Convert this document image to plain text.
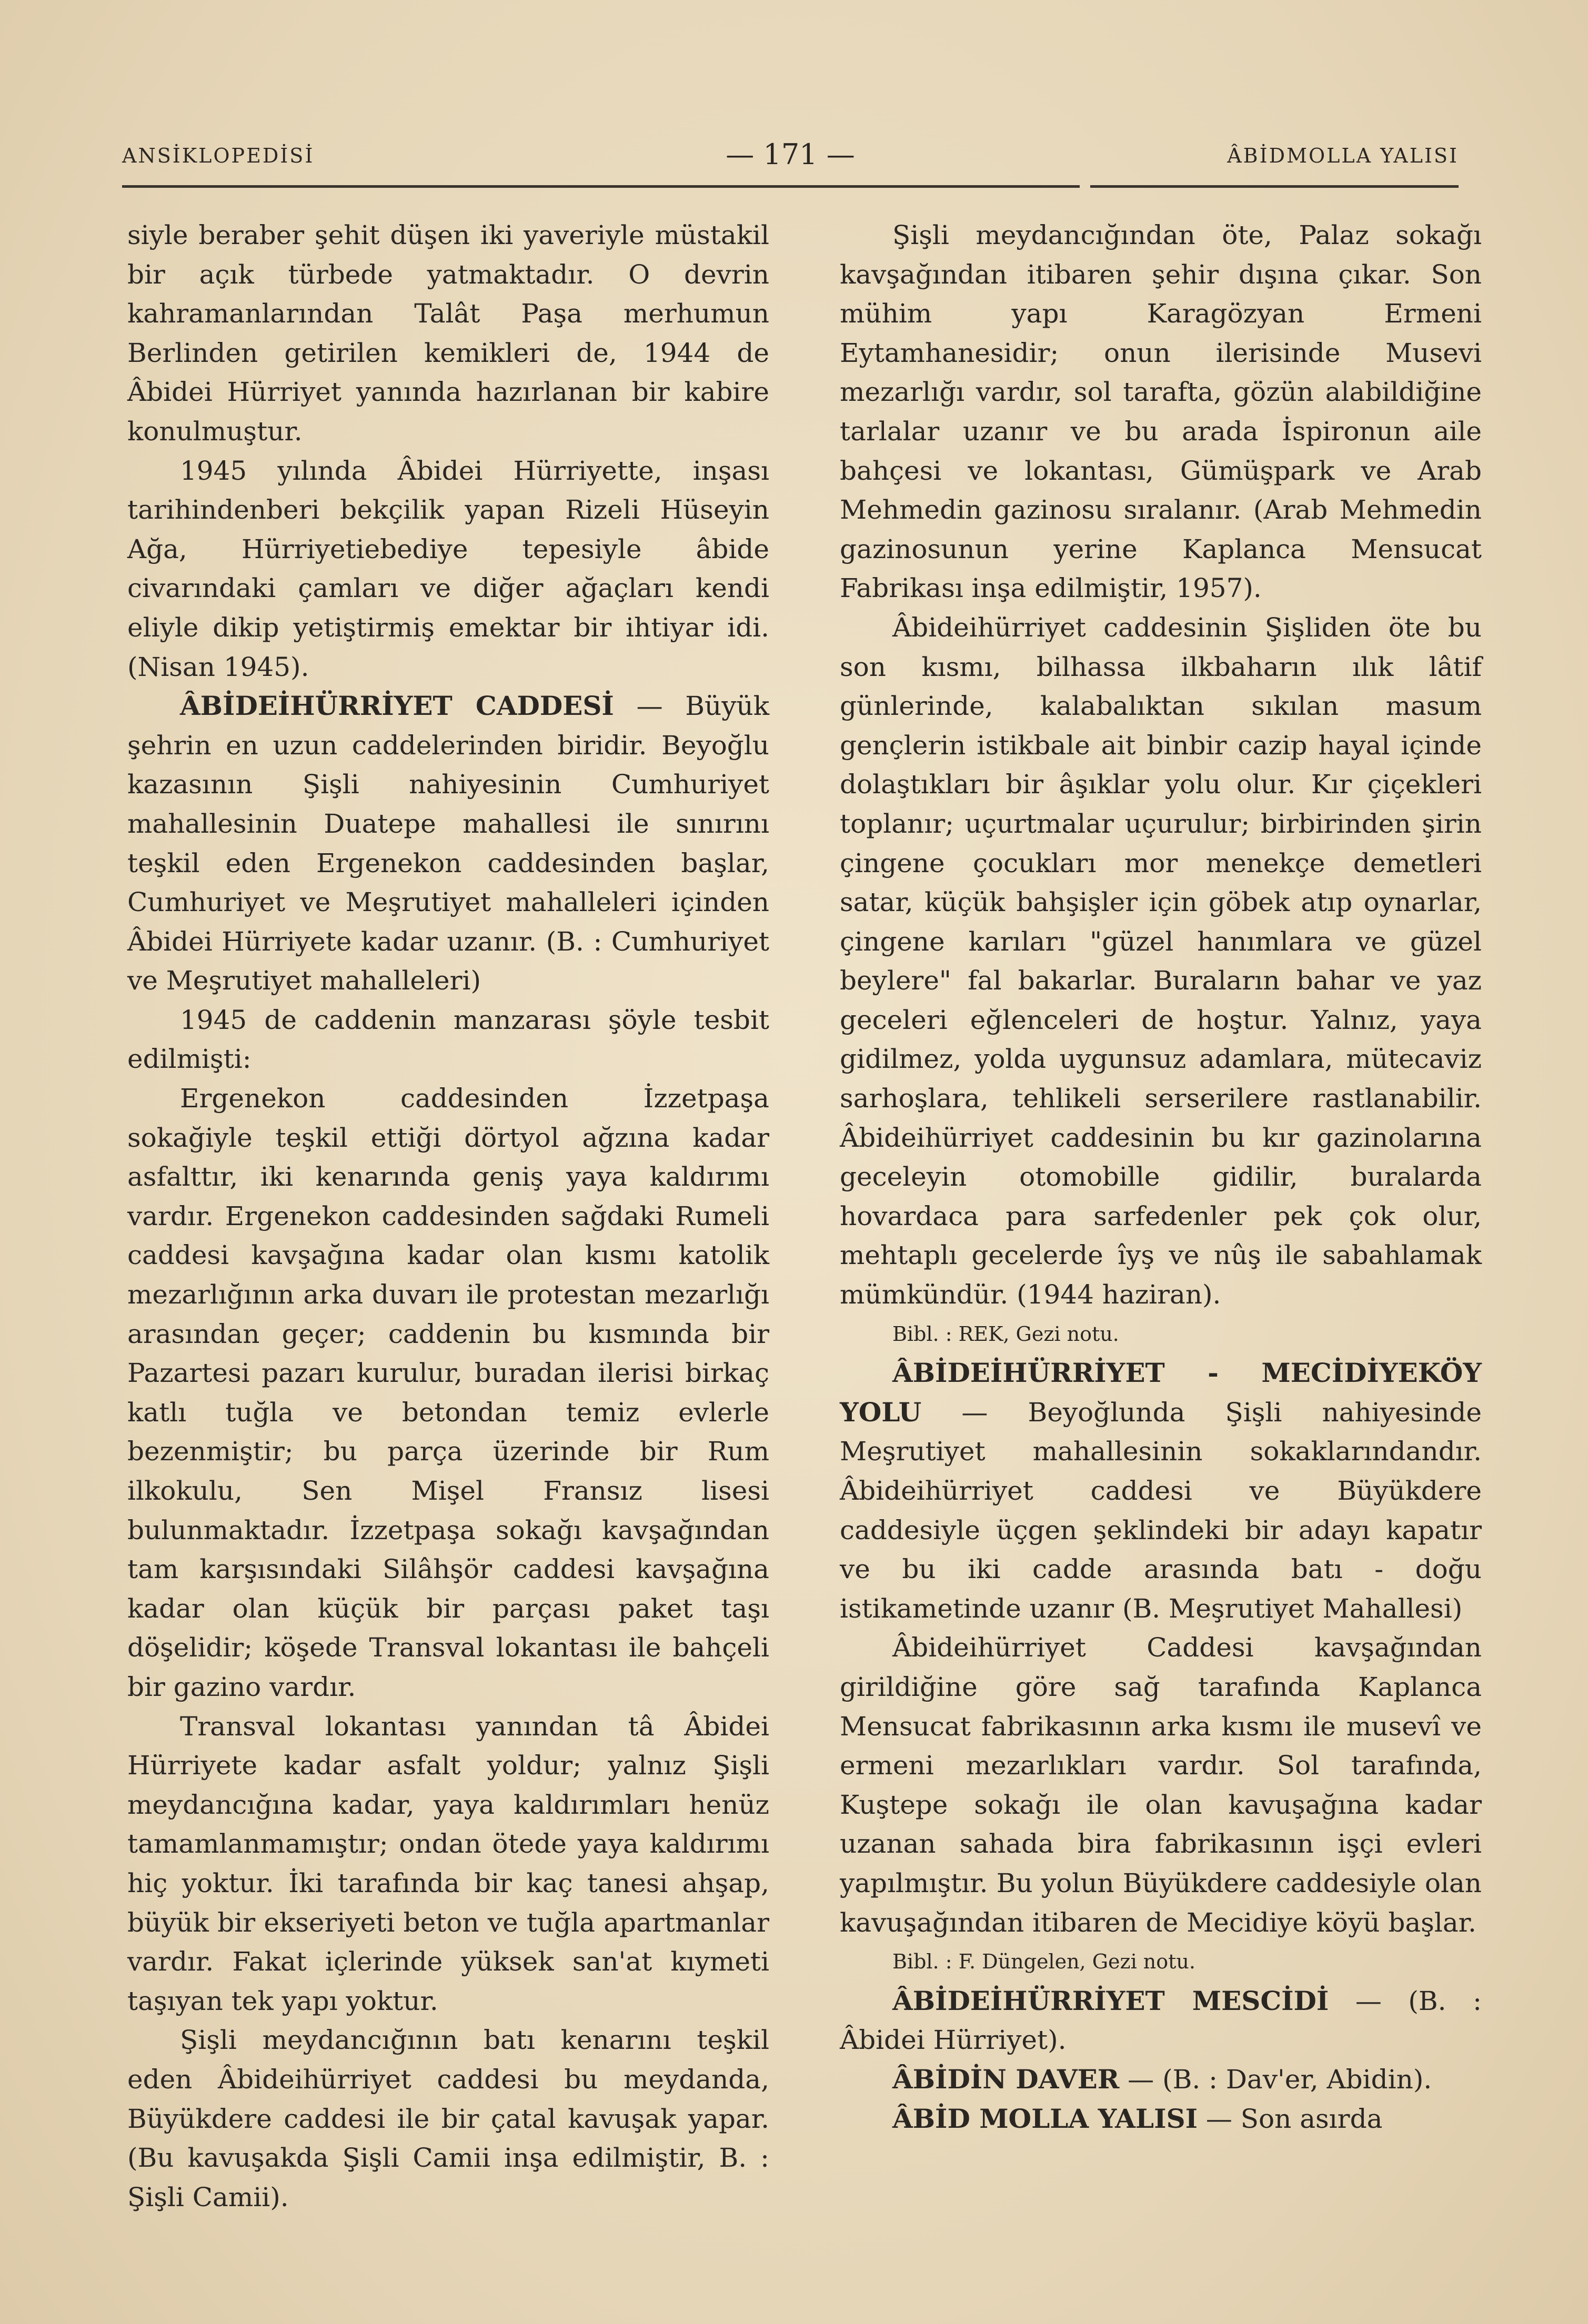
ANSİKLOPEDİSİ	— 171 —	ÂBİDMOLLA YALISI

siyle beraber şehit düşen iki yaveriyle müstakil bir açık türbede yatmaktadır. O devrin kahramanlarından Talât Paşa merhumun Berlinden getirilen kemikleri de, 1944 de Âbidei Hürriyet yanında hazırlanan bir kabire konulmuştur.

1945 yılında Âbidei Hürriyette, inşası tarihindenberi bekçilik yapan Rizeli Hüseyin Ağa, Hürriyetiebediye tepesiyle âbide civarındaki çamları ve diğer ağaçları kendi eliyle dikip yetiştirmiş emektar bir ihtiyar idi. (Nisan 1945).

ÂBİDEİHÜRRİYET CADDESİ — Büyük şehrin en uzun caddelerinden biridir. Beyoğlu kazasının Şişli nahiyesinin Cumhuriyet mahallesinin Duatepe mahallesi ile sınırını teşkil eden Ergenekon caddesinden başlar, Cumhuriyet ve Meşrutiyet mahalleleri içinden Âbidei Hürriyete kadar uzanır. (B. : Cumhuriyet ve Meşrutiyet mahalleleri)

1945 de caddenin manzarası şöyle tesbit edilmişti:

Ergenekon caddesinden İzzetpaşa sokağiyle teşkil ettiği dörtyol ağzına kadar asfalttır, iki kenarında geniş yaya kaldırımı vardır. Ergenekon caddesinden sağdaki Rumeli caddesi kavşağına kadar olan kısmı katolik mezarlığının arka duvarı ile protestan mezarlığı arasından geçer; caddenin bu kısmında bir Pazartesi pazarı kurulur, buradan ilerisi birkaç katlı tuğla ve betondan temiz evlerle bezenmiştir; bu parça üzerinde bir Rum ilkokulu, Sen Mişel Fransız lisesi bulunmaktadır. İzzetpaşa sokağı kavşağından tam karşısındaki Silâhşör caddesi kavşağına kadar olan küçük bir parçası paket taşı döşelidir; köşede Transval lokantası ile bahçeli bir gazino vardır.

Transval lokantası yanından tâ Âbidei Hürriyete kadar asfalt yoldur; yalnız Şişli meydancığına kadar, yaya kaldırımları henüz tamamlanmamıştır; ondan ötede yaya kaldırımı hiç yoktur. İki tarafında bir kaç tanesi ahşap, büyük bir ekseriyeti beton ve tuğla apartmanlar vardır. Fakat içlerinde yüksek san'at kıymeti taşıyan tek yapı yoktur.

Şişli meydancığının batı kenarını teşkil eden Âbideihürriyet caddesi bu meydanda, Büyükdere caddesi ile bir çatal kavuşak yapar. (Bu kavuşakda Şişli Camii inşa edilmiştir, B. : Şişli Camii).

Şişli meydancığından öte, Palaz sokağı kavşağından itibaren şehir dışına çıkar. Son mühim yapı Karagözyan Ermeni Eytamhanesidir; onun ilerisinde Musevi mezarlığı vardır, sol tarafta, gözün alabildiğine tarlalar uzanır ve bu arada İspironun aile bahçesi ve lokantası, Gümüşpark ve Arab Mehmedin gazinosu sıralanır. (Arab Mehmedin gazinosunun yerine Kaplanca Mensucat Fabrikası inşa edilmiştir, 1957).

Âbideihürriyet caddesinin Şişliden öte bu son kısmı, bilhassa ilkbaharın ılık lâtif günlerinde, kalabalıktan sıkılan masum gençlerin istikbale ait binbir cazip hayal içinde dolaştıkları bir âşıklar yolu olur. Kır çiçekleri toplanır; uçurtmalar uçurulur; birbirinden şirin çingene çocukları mor menekçe demetleri satar, küçük bahşişler için göbek atıp oynarlar, çingene karıları "güzel hanımlara ve güzel beylere" fal bakarlar. Buraların bahar ve yaz geceleri eğlenceleri de hoştur. Yalnız, yaya gidilmez, yolda uygunsuz adamlara, mütecaviz sarhoşlara, tehlikeli serserilere rastlanabilir. Âbideihürriyet caddesinin bu kır gazinolarına geceleyin otomobille gidilir, buralarda hovardaca para sarfedenler pek çok olur, mehtaplı gecelerde îyş ve nûş ile sabahlamak mümkündür. (1944 haziran).

Bibl. : REK, Gezi notu.

ÂBİDEİHÜRRİYET - MECİDİYEKÖY YOLU — Beyoğlunda Şişli nahiyesinde Meşrutiyet mahallesinin sokaklarındandır. Âbideihürriyet caddesi ve Büyükdere caddesiyle üçgen şeklindeki bir adayı kapatır ve bu iki cadde arasında batı - doğu istikametinde uzanır (B. Meşrutiyet Mahallesi)

Âbideihürriyet Caddesi kavşağından girildiğine göre sağ tarafında Kaplanca Mensucat fabrikasının arka kısmı ile musevî ve ermeni mezarlıkları vardır. Sol tarafında, Kuştepe sokağı ile olan kavuşağına kadar uzanan sahada bira fabrikasının işçi evleri yapılmıştır. Bu yolun Büyükdere caddesiyle olan kavuşağından itibaren de Mecidiye köyü başlar.

Bibl. : F. Düngelen, Gezi notu.

ÂBİDEİHÜRRİYET MESCİDİ — (B. : Âbidei Hürriyet).

ÂBİDİN DAVER — (B. : Dav'er, Abidin).

ÂBİD MOLLA YALISI — Son asırda
